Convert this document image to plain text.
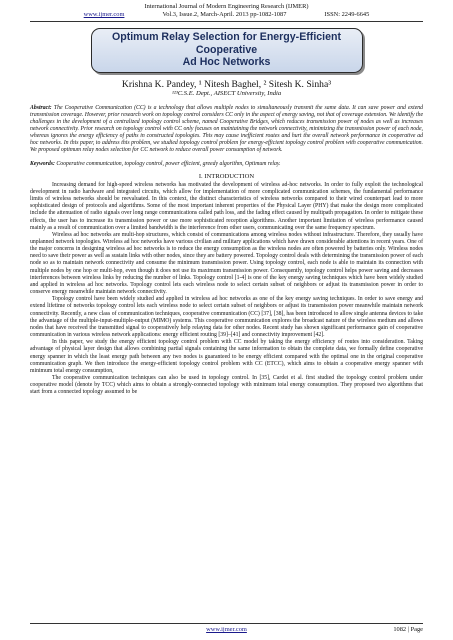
International Journal of Modern Engineering Research (IJMER)
www.ijmer.com	Vol.3, Issue.2, March-April. 2013 pp-1082-1087	ISSN: 2249-6645
Optimum Relay Selection for Energy-Efficient Cooperative
Ad Hoc Networks
Krishna K. Pandey, ¹ Nitesh Baghel, ² Sitesh K. Sinha³
¹²³C.S.E. Dept., AISECT University, India

Abstract: The Cooperative Communication (CC) is a technology that allows multiple nodes to simultaneously transmit the same data. It can save power and extend transmission coverage. However, prior research work on topology control considers CC only in the aspect of energy saving, not that of coverage extension. We identify the challenges in the development of a centralized topology control scheme, named Cooperative Bridges, which reduces transmission power of nodes as well as increases network connectivity. Prior research on topology control with CC only focuses on maintaining the network connectivity, minimizing the transmission power of each node, whereas ignores the energy efficiency of paths in constructed topologies. This may cause inefficient routes and hurt the overall network performance in cooperative ad hoc networks. In this paper, to address this problem, we studied topology control problem for energy-efficient topology control problem with cooperative communication. We proposed optimum relay nodes selection for CC network to reduce overall power consumption of network.

Keywords: Cooperative communication, topology control, power efficient, greedy algorithm, Optimum relay.

I. INTRODUCTION

Increasing demand for high-speed wireless networks has motivated the development of wireless ad-hoc networks. In order to fully exploit the technological development in radio hardware and integrated circuits, which allow for implementation of more complicated communication schemes, the fundamental performance limits of wireless networks should be reevaluated. In this context, the distinct characteristics of wireless networks compared to their wired counterpart lead to more sophisticated design of protocols and algorithms. Some of the most important inherent properties of the Physical Layer (PHY) that make the design more complicated include the attenuation of radio signals over long range communications called path loss, and the fading effect caused by multipath propagation. In order to mitigate these effects, the user has to increase its transmission power or use more sophisticated reception algorithms. Another important limitation of wireless performance caused mainly as a result of communication over a limited bandwidth is the interference from other users, communicating over the same frequency spectrum.

Wireless ad hoc networks are multi-hop structures, which consist of communications among wireless nodes without infrastructure. Therefore, they usually have unplanned network topologies. Wireless ad hoc networks have various civilian and military applications which have drawn considerable attentions in recent years. One of the major concerns in designing wireless ad hoc networks is to reduce the energy consumption as the wireless nodes are often powered by batteries only. Wireless nodes need to save their power as well as sustain links with other nodes, since they are battery powered. Topology control deals with determining the transmission power of each node so as to maintain network connectivity and consume the minimum transmission power. Using topology control, each node is able to maintain its connection with multiple nodes by one hop or multi-hop, even though it does not use its maximum transmission power. Consequently, topology control helps power saving and decreases interferences between wireless links by reducing the number of links. Topology control [1-4] is one of the key energy saving techniques which have been widely studied and applied in wireless ad hoc networks. Topology control lets each wireless node to select certain subset of neighbors or adjust its transmission power in order to conserve energy meanwhile maintain network connectivity.

Topology control have been widely studied and applied in wireless ad hoc networks as one of the key energy saving techniques. In order to save energy and extend lifetime of networks topology control lets each wireless node to select certain subset of neighbors or adjust its transmission power meanwhile maintain network connectivity. Recently, a new class of communication techniques, cooperative communication (CC) [37], [38], has been introduced to allow single antenna devices to take the advantage of the multiple-input-multiple-output (MIMO) systems. This cooperative communication explores the broadcast nature of the wireless medium and allows nodes that have received the transmitted signal to cooperatively help relaying data for other nodes. Recent study has shown significant performance gain of cooperative communication in various wireless network applications: energy efficient routing [39]–[41] and connectivity improvement [42].

In this paper, we study the energy efficient topology control problem with CC model by taking the energy efficiency of routes into consideration. Taking advantage of physical layer design that allows combining partial signals containing the same information to obtain the complete data, we formally define cooperative energy spanner in which the least energy path between any two nodes is guaranteed to be energy efficient compared with the optimal one in the original cooperative communication graph. We then introduce the energy-efficient topology control problem with CC (ETCC), which aims to obtain a cooperative energy spanner with minimum total energy consumption,

The cooperative communication techniques can also be used in topology control. In [35], Cardei et al. first studied the topology control problem under cooperative model (denote by TCC) which aims to obtain a strongly-connected topology with minimum total energy consumption. They proposed two algorithms that start from a connected topology assumed to be

www.ijmer.com	1082 | Page
